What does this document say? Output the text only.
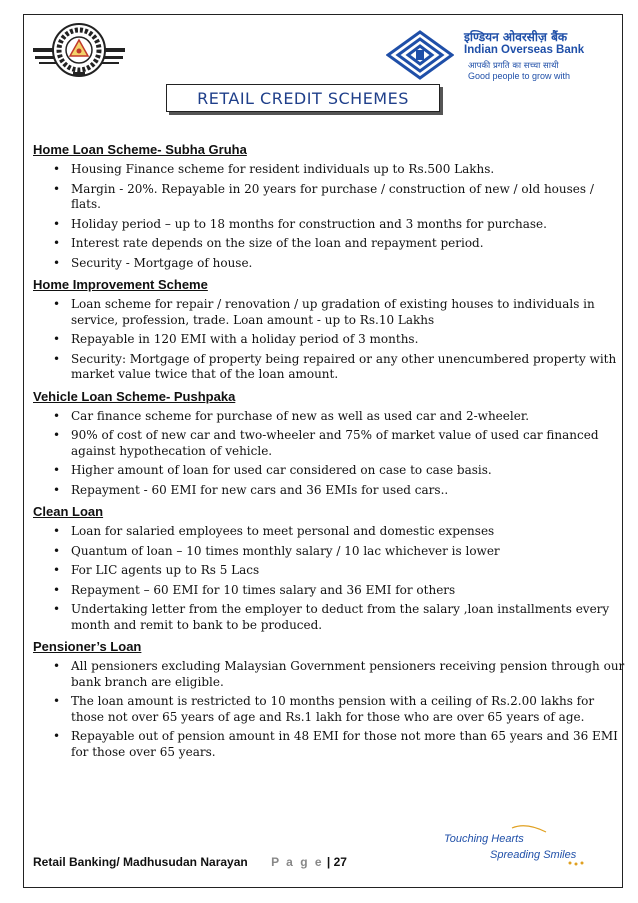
इण्डियन ओवरसीज़ बैंक
Indian Overseas Bank
आपकी प्रगति का सच्चा साथी
Good people to grow with
RETAIL CREDIT SCHEMES
Home Loan Scheme- Subha Gruha
• Housing Finance scheme for resident individuals up to Rs.500 Lakhs.
• Margin - 20%. Repayable in 20 years for purchase / construction of new / old houses / flats.
• Holiday period – up to 18 months for construction and 3 months for purchase.
• Interest rate depends on the size of the loan and repayment period.
• Security - Mortgage of house.
Home Improvement Scheme
• Loan scheme for repair / renovation / up gradation of existing houses to individuals in service, profession, trade. Loan amount - up to Rs.10 Lakhs
• Repayable in 120 EMI with a holiday period of 3 months.
• Security: Mortgage of property being repaired or any other unencumbered property with market value twice that of the loan amount.
Vehicle Loan Scheme- Pushpaka
• Car finance scheme for purchase of new as well as used car and 2-wheeler.
• 90% of cost of new car and two-wheeler and 75% of market value of used car financed against hypothecation of vehicle.
• Higher amount of loan for used car considered on case to case basis.
• Repayment - 60 EMI for new cars and 36 EMIs for used cars..
Clean Loan
• Loan for salaried employees to meet personal and domestic expenses
• Quantum of loan – 10 times monthly salary / 10 lac whichever is lower
• For LIC agents up to Rs 5 Lacs
• Repayment – 60 EMI for 10 times salary and 36 EMI for others
• Undertaking letter from the employer to deduct from the salary ,loan installments every month and remit to bank to be produced.
Pensioner’s Loan
• All pensioners excluding Malaysian Government pensioners receiving pension through our bank branch are eligible.
• The loan amount is restricted to 10 months pension with a ceiling of Rs.2.00 lakhs for those not over 65 years of age and Rs.1 lakh for those who are over 65 years of age.
• Repayable out of pension amount in 48 EMI for those not more than 65 years and 36 EMI for those over 65 years.
Touching Hearts
Spreading Smiles
Retail Banking/ Madhusudan Narayan P a g e | 27
